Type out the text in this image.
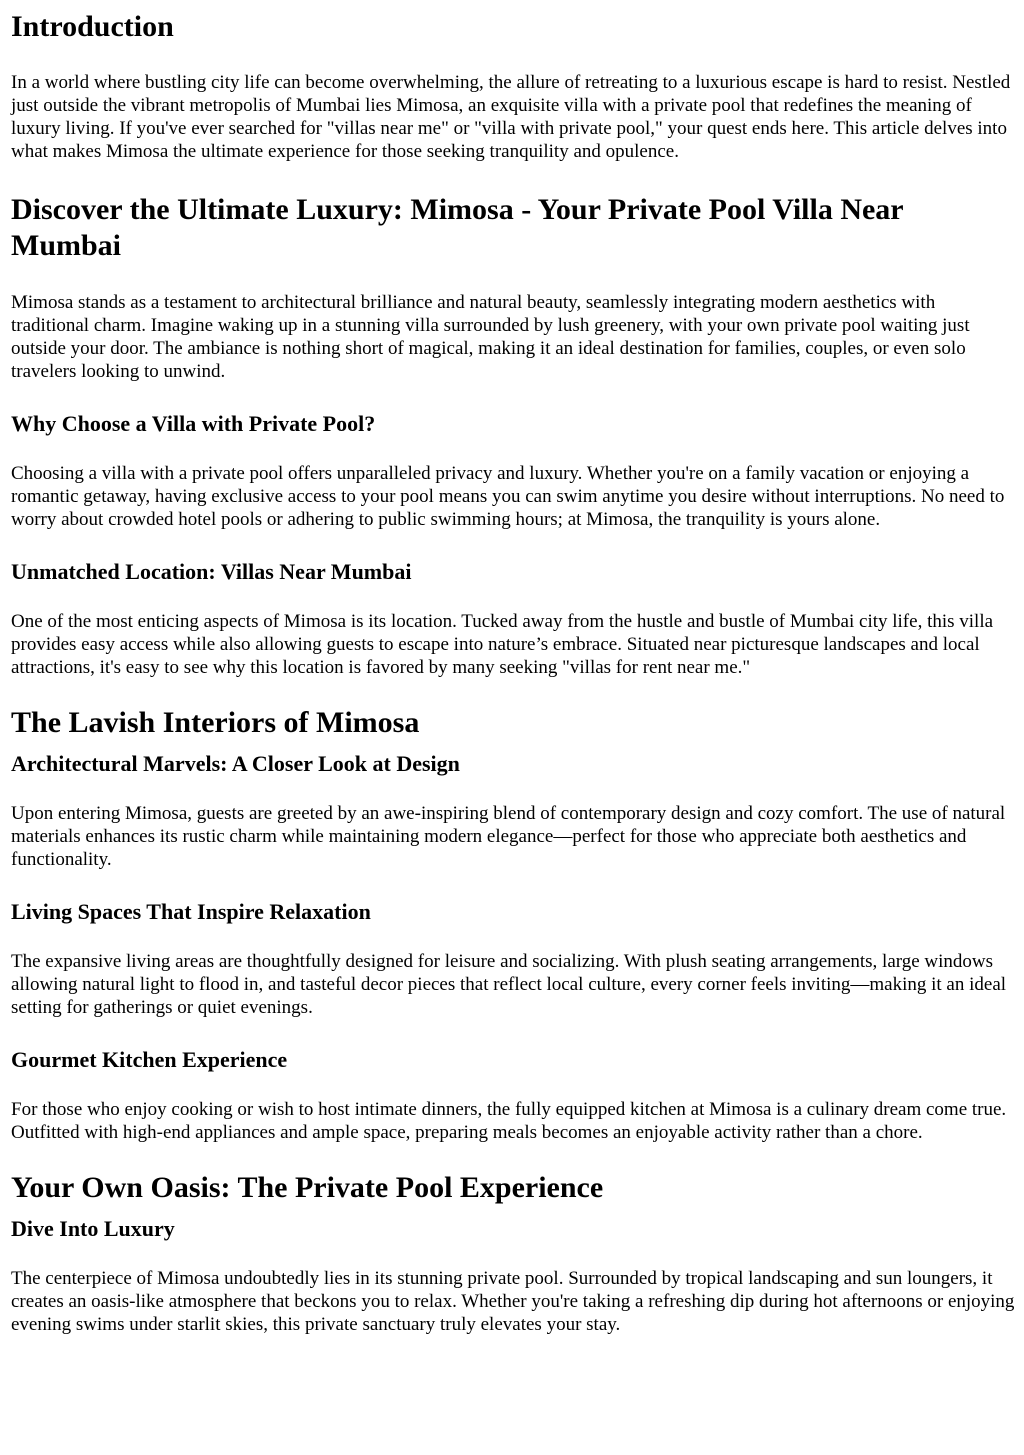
Introduction

In a world where bustling city life can become overwhelming, the allure of retreating to a luxurious escape is hard to resist. Nestled just outside the vibrant metropolis of Mumbai lies Mimosa, an exquisite villa with a private pool that redefines the meaning of luxury living. If you've ever searched for "villas near me" or "villa with private pool," your quest ends here. This article delves into what makes Mimosa the ultimate experience for those seeking tranquility and opulence.

Discover the Ultimate Luxury: Mimosa - Your Private Pool Villa Near Mumbai

Mimosa stands as a testament to architectural brilliance and natural beauty, seamlessly integrating modern aesthetics with traditional charm. Imagine waking up in a stunning villa surrounded by lush greenery, with your own private pool waiting just outside your door. The ambiance is nothing short of magical, making it an ideal destination for families, couples, or even solo travelers looking to unwind.

Why Choose a Villa with Private Pool?

Choosing a villa with a private pool offers unparalleled privacy and luxury. Whether you're on a family vacation or enjoying a romantic getaway, having exclusive access to your pool means you can swim anytime you desire without interruptions. No need to worry about crowded hotel pools or adhering to public swimming hours; at Mimosa, the tranquility is yours alone.

Unmatched Location: Villas Near Mumbai

One of the most enticing aspects of Mimosa is its location. Tucked away from the hustle and bustle of Mumbai city life, this villa provides easy access while also allowing guests to escape into nature’s embrace. Situated near picturesque landscapes and local attractions, it's easy to see why this location is favored by many seeking "villas for rent near me."

The Lavish Interiors of Mimosa
Architectural Marvels: A Closer Look at Design

Upon entering Mimosa, guests are greeted by an awe-inspiring blend of contemporary design and cozy comfort. The use of natural materials enhances its rustic charm while maintaining modern elegance—perfect for those who appreciate both aesthetics and functionality.

Living Spaces That Inspire Relaxation

The expansive living areas are thoughtfully designed for leisure and socializing. With plush seating arrangements, large windows allowing natural light to flood in, and tasteful decor pieces that reflect local culture, every corner feels inviting—making it an ideal setting for gatherings or quiet evenings.

Gourmet Kitchen Experience

For those who enjoy cooking or wish to host intimate dinners, the fully equipped kitchen at Mimosa is a culinary dream come true. Outfitted with high-end appliances and ample space, preparing meals becomes an enjoyable activity rather than a chore.

Your Own Oasis: The Private Pool Experience
Dive Into Luxury

The centerpiece of Mimosa undoubtedly lies in its stunning private pool. Surrounded by tropical landscaping and sun loungers, it creates an oasis-like atmosphere that beckons you to relax. Whether you're taking a refreshing dip during hot afternoons or enjoying evening swims under starlit skies, this private sanctuary truly elevates your stay.
